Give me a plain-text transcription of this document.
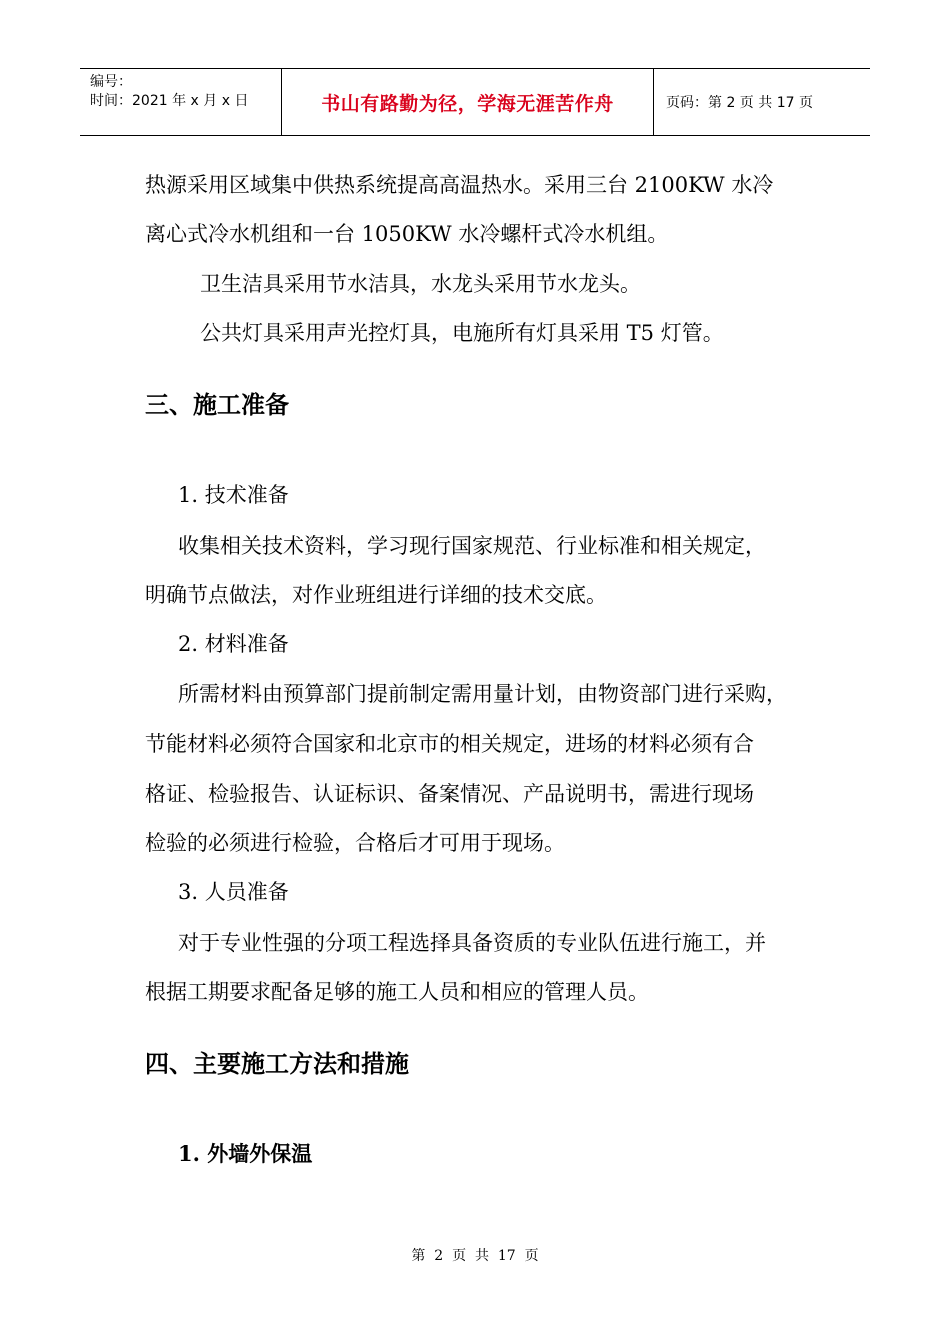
编号：
时间：2021 年 x 月 x 日	书山有路勤为径，学海无涯苦作舟	页码：第 2 页 共 17 页
热源采用区域集中供热系统提高高温热水。采用三台 2100KW 水冷
离心式冷水机组和一台 1050KW 水冷螺杆式冷水机组。
卫生洁具采用节水洁具，水龙头采用节水龙头。
公共灯具采用声光控灯具，电施所有灯具采用 T5 灯管。
三、施工准备
1. 技术准备
收集相关技术资料，学习现行国家规范、行业标准和相关规定，
明确节点做法，对作业班组进行详细的技术交底。
2. 材料准备
所需材料由预算部门提前制定需用量计划，由物资部门进行采购，
节能材料必须符合国家和北京市的相关规定，进场的材料必须有合
格证、检验报告、认证标识、备案情况、产品说明书，需进行现场
检验的必须进行检验，合格后才可用于现场。
3. 人员准备
对于专业性强的分项工程选择具备资质的专业队伍进行施工，并
根据工期要求配备足够的施工人员和相应的管理人员。
四、主要施工方法和措施
1. 外墙外保温
第  2  页  共  17  页
